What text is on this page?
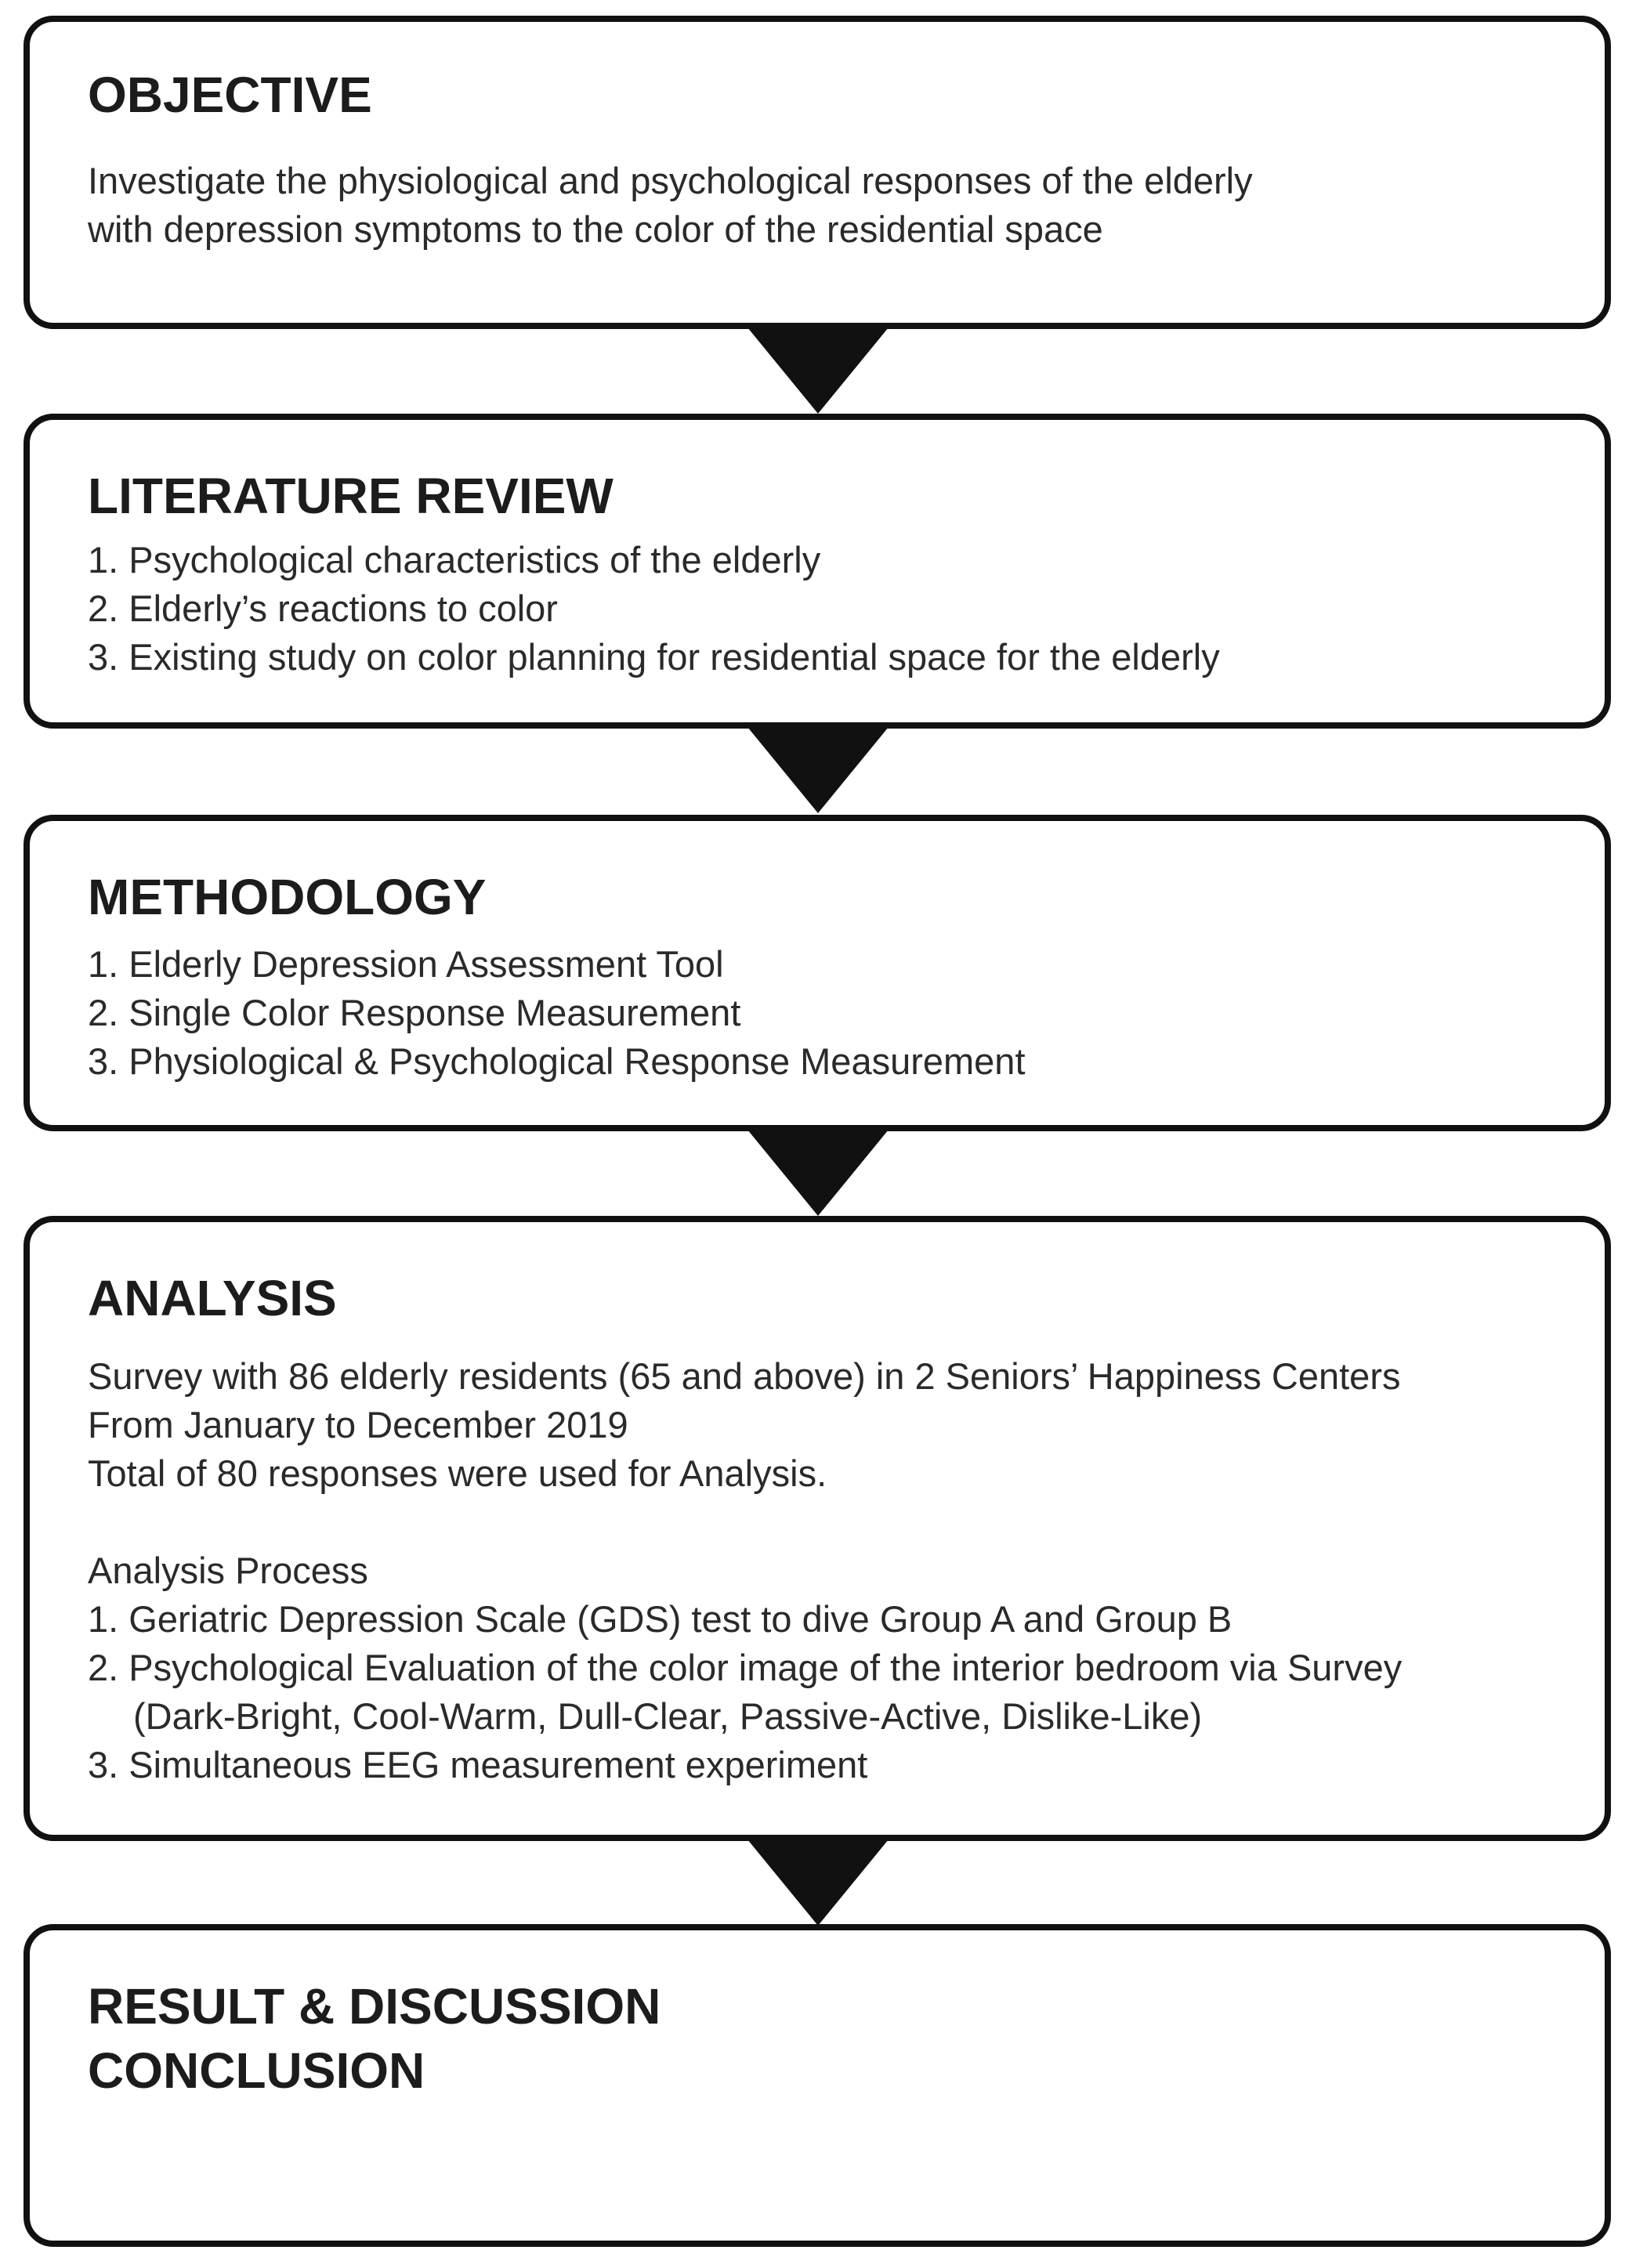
OBJECTIVE
Investigate the physiological and psychological responses of the elderly
with depression symptoms to the color of the residential space
LITERATURE REVIEW
1. Psychological characteristics of the elderly
2. Elderly’s reactions to color
3. Existing study on color planning for residential space for the elderly
METHODOLOGY
1. Elderly Depression Assessment Tool
2. Single Color Response Measurement
3. Physiological & Psychological Response Measurement
ANALYSIS
Survey with 86 elderly residents (65 and above) in 2 Seniors’ Happiness Centers
From January to December 2019
Total of 80 responses were used for Analysis.
Analysis Process
1. Geriatric Depression Scale (GDS) test to dive Group A and Group B
2. Psychological Evaluation of the color image of the interior bedroom via Survey
(Dark-Bright, Cool-Warm, Dull-Clear, Passive-Active, Dislike-Like)
3. Simultaneous EEG measurement experiment
RESULT & DISCUSSION
CONCLUSION
